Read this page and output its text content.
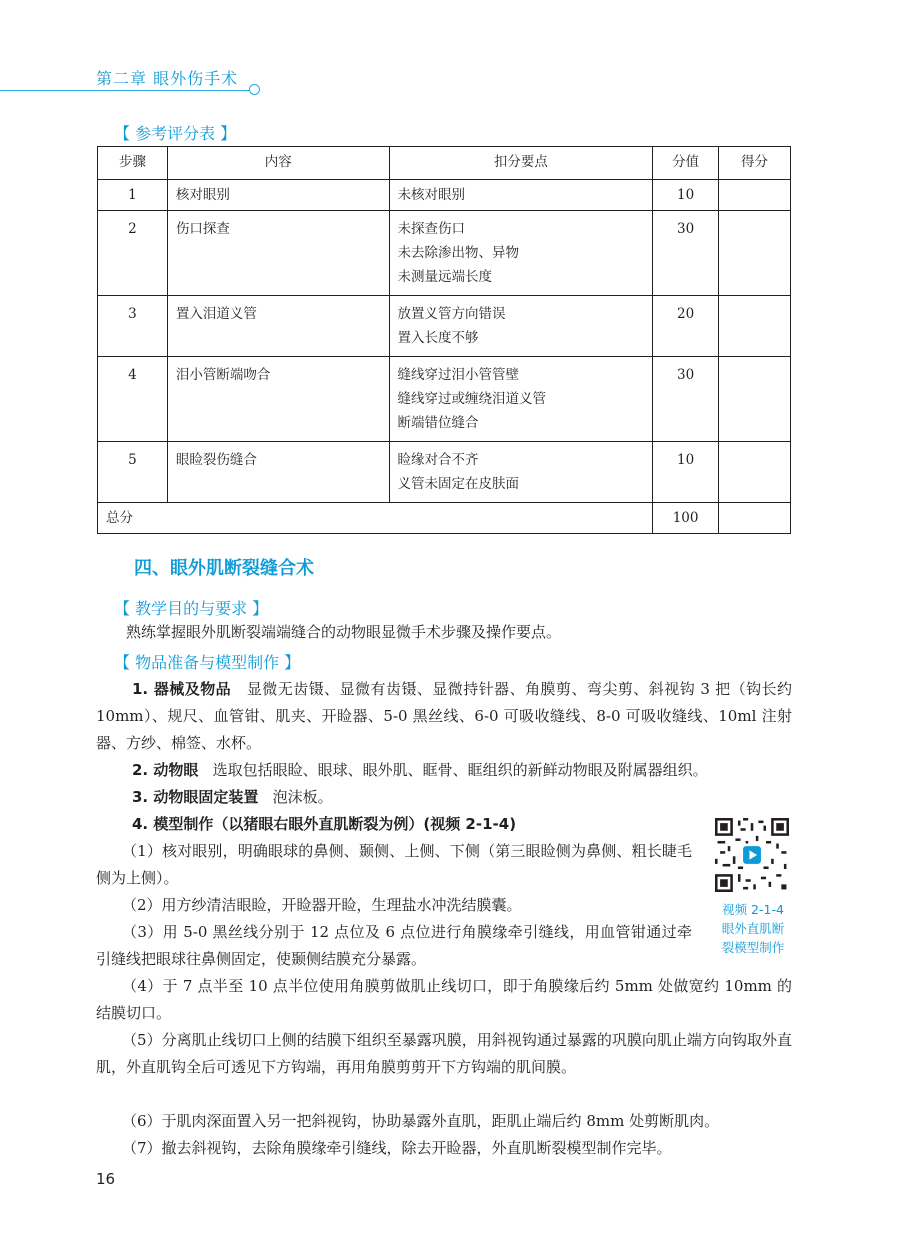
第二章 眼外伤手术
【 参考评分表 】
步骤	内容	扣分要点	分值	得分
1	核对眼别	未核对眼别	10	
2	伤口探查	未探查伤口
未去除渗出物、异物
未测量远端长度	30	
3	置入泪道义管	放置义管方向错误
置入长度不够	20	
4	泪小管断端吻合	缝线穿过泪小管管壁
缝线穿过或缠绕泪道义管
断端错位缝合	30	
5	眼睑裂伤缝合	睑缘对合不齐
义管未固定在皮肤面	10	
总分			100	
四、眼外肌断裂缝合术
【 教学目的与要求 】

熟练掌握眼外肌断裂端端缝合的动物眼显微手术步骤及操作要点。

【 物品准备与模型制作 】

1. 器械及物品 显微无齿镊、显微有齿镊、显微持针器、角膜剪、弯尖剪、斜视钩 3 把（钩长约 10mm）、规尺、血管钳、肌夹、开睑器、5-0 黑丝线、6-0 可吸收缝线、8-0 可吸收缝线、10ml 注射器、方纱、棉签、水杯。

2. 动物眼 选取包括眼睑、眼球、眼外肌、眶骨、眶组织的新鲜动物眼及附属器组织。

3. 动物眼固定装置 泡沫板。

4. 模型制作（以猪眼右眼外直肌断裂为例）(视频 2-1-4)

（1）核对眼别，明确眼球的鼻侧、颞侧、上侧、下侧（第三眼睑侧为鼻侧、粗长睫毛侧为上侧）。

（2）用方纱清洁眼睑，开睑器开睑，生理盐水冲洗结膜囊。

（3）用 5-0 黑丝线分别于 12 点位及 6 点位进行角膜缘牵引缝线，用血管钳通过牵引缝线把眼球往鼻侧固定，使颞侧结膜充分暴露。

（4）于 7 点半至 10 点半位使用角膜剪做肌止线切口，即于角膜缘后约 5mm 处做宽约 10mm 的结膜切口。

（5）分离肌止线切口上侧的结膜下组织至暴露巩膜，用斜视钩通过暴露的巩膜向肌止端方向钩取外直肌，外直肌钩全后可透见下方钩端，再用角膜剪剪开下方钩端的肌间膜。

（6）于肌肉深面置入另一把斜视钩，协助暴露外直肌，距肌止端后约 8mm 处剪断肌肉。

（7）撤去斜视钩，去除角膜缘牵引缝线，除去开睑器，外直肌断裂模型制作完毕。

视频 2-1-4
眼外直肌断
裂模型制作
16
